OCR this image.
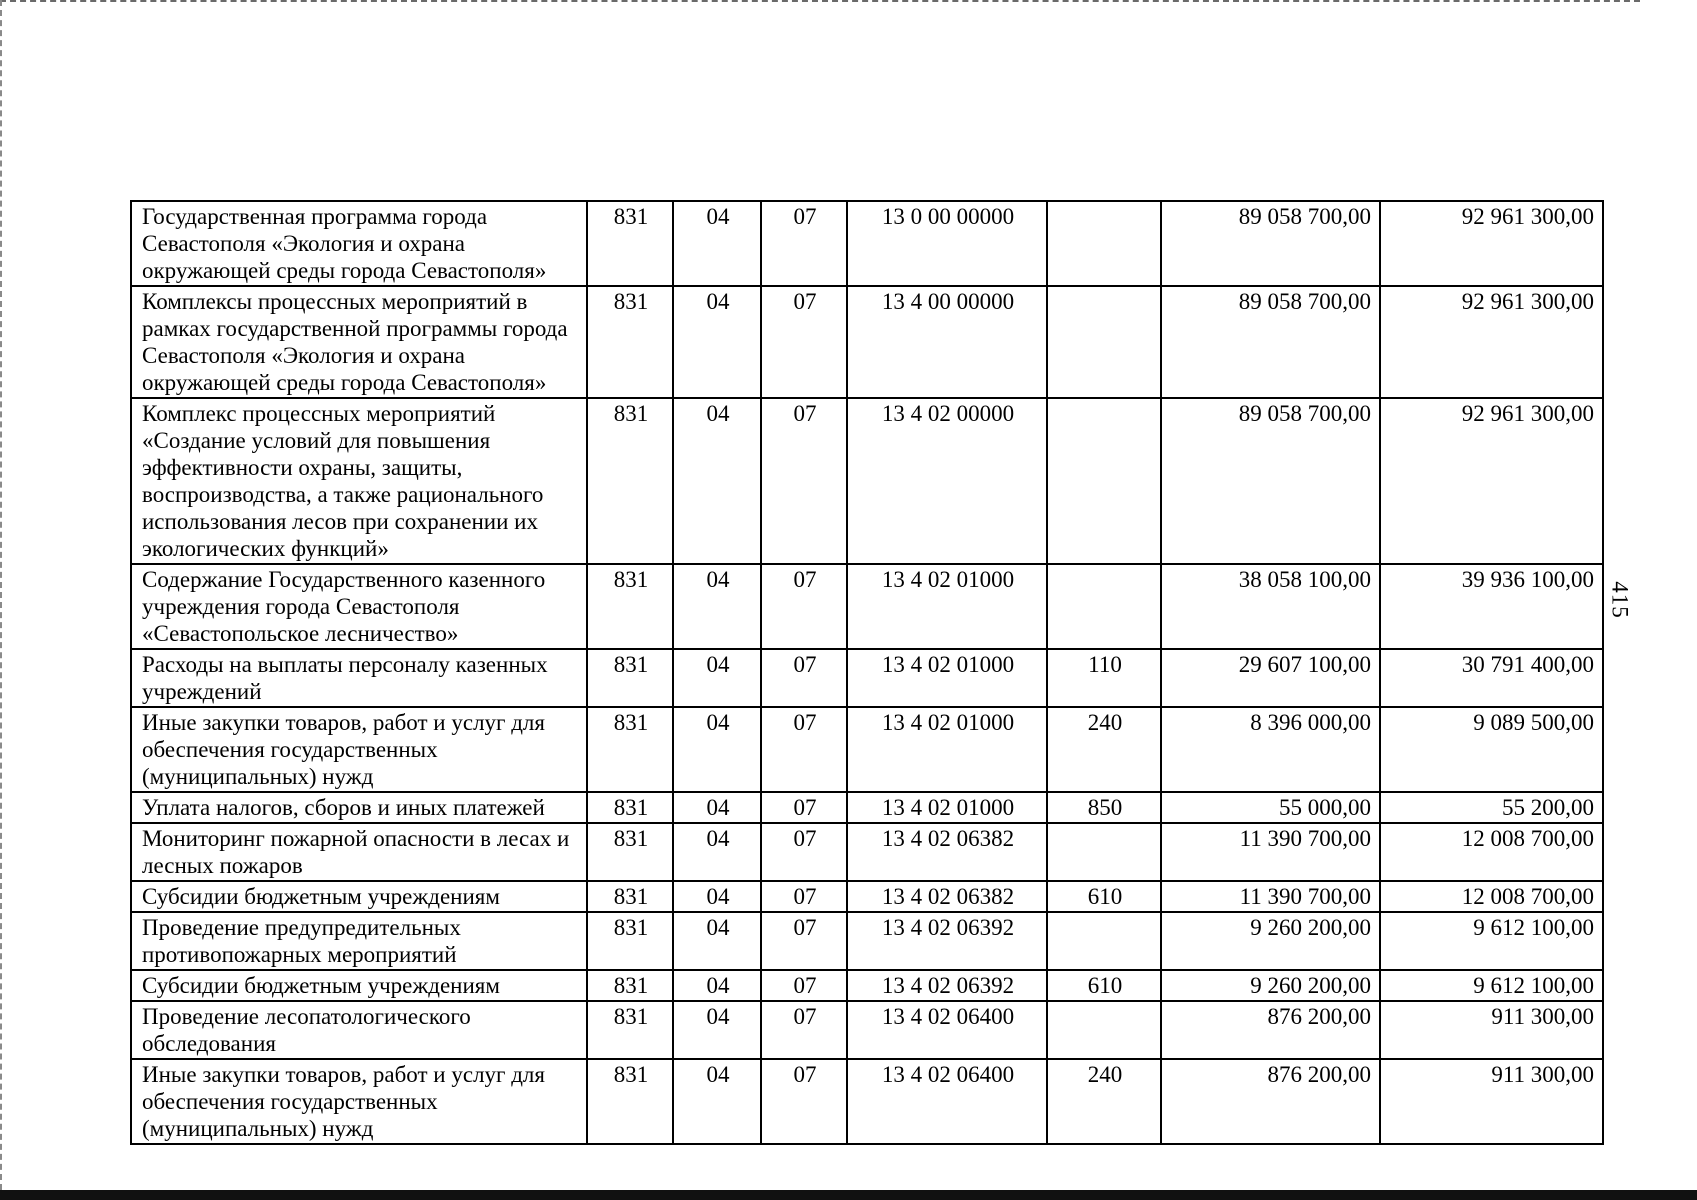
415
Государственная программа города Севастополя «Экология и охрана окружающей среды города Севастополя»	831	04	07	13 0 00 00000		89 058 700,00	92 961 300,00
Комплексы процессных мероприятий в рамках государственной программы города Севастополя «Экология и охрана окружающей среды города Севастополя»	831	04	07	13 4 00 00000		89 058 700,00	92 961 300,00
Комплекс процессных мероприятий «Создание условий для повышения эффективности охраны, защиты, воспроизводства, а также рационального использования лесов при сохранении их экологических функций»	831	04	07	13 4 02 00000		89 058 700,00	92 961 300,00
Содержание Государственного казенного учреждения города Севастополя «Севастопольское лесничество»	831	04	07	13 4 02 01000		38 058 100,00	39 936 100,00
Расходы на выплаты персоналу казенных учреждений	831	04	07	13 4 02 01000	110	29 607 100,00	30 791 400,00
Иные закупки товаров, работ и услуг для обеспечения государственных (муниципальных) нужд	831	04	07	13 4 02 01000	240	8 396 000,00	9 089 500,00
Уплата налогов, сборов и иных платежей	831	04	07	13 4 02 01000	850	55 000,00	55 200,00
Мониторинг пожарной опасности в лесах и лесных пожаров	831	04	07	13 4 02 06382		11 390 700,00	12 008 700,00
Субсидии бюджетным учреждениям	831	04	07	13 4 02 06382	610	11 390 700,00	12 008 700,00
Проведение предупредительных противопожарных мероприятий	831	04	07	13 4 02 06392		9 260 200,00	9 612 100,00
Субсидии бюджетным учреждениям	831	04	07	13 4 02 06392	610	9 260 200,00	9 612 100,00
Проведение лесопатологического обследования	831	04	07	13 4 02 06400		876 200,00	911 300,00
Иные закупки товаров, работ и услуг для обеспечения государственных (муниципальных) нужд	831	04	07	13 4 02 06400	240	876 200,00	911 300,00
